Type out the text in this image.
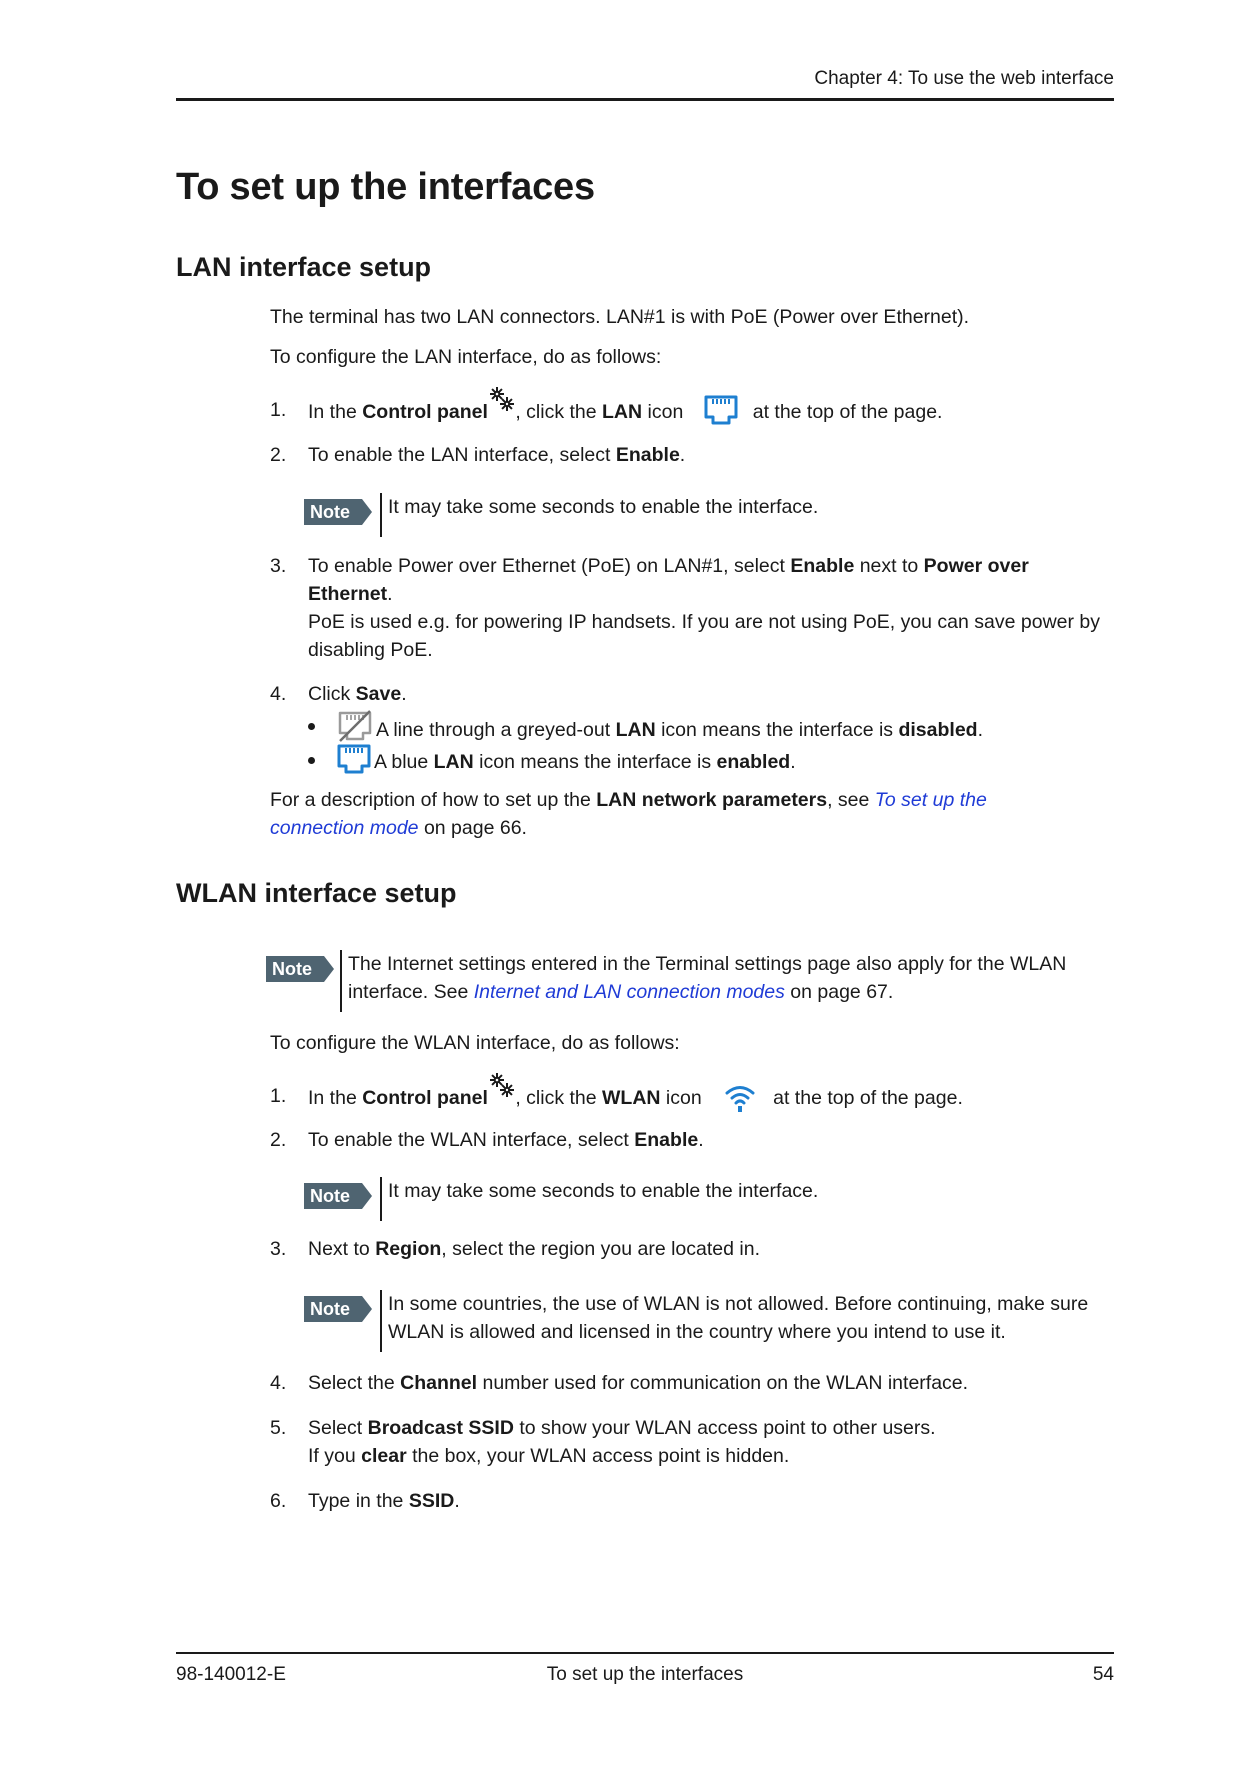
Chapter 4: To use the web interface
To set up the interfaces
LAN interface setup
The terminal has two LAN connectors. LAN#1 is with PoE (Power over Ethernet).
To configure the LAN interface, do as follows:
1. In the Control panel , click the LAN icon	at the top of the page.
2. To enable the LAN interface, select Enable.
Note	It may take some seconds to enable the interface.
3. To enable Power over Ethernet (PoE) on LAN#1, select Enable next to Power over
Ethernet.
PoE is used e.g. for powering IP handsets. If you are not using PoE, you can save power by disabling PoE.
4. Click Save.
A line through a greyed-out LAN icon means the interface is disabled.
A blue LAN icon means the interface is enabled.
For a description of how to set up the LAN network parameters, see To set up the connection mode on page 66.
WLAN interface setup
Note	The Internet settings entered in the Terminal settings page also apply for the WLAN interface. See Internet and LAN connection modes on page 67.
To configure the WLAN interface, do as follows:
1. In the Control panel , click the WLAN icon	at the top of the page.
2. To enable the WLAN interface, select Enable.
Note	It may take some seconds to enable the interface.
3. Next to Region, select the region you are located in.
Note	In some countries, the use of WLAN is not allowed. Before continuing, make sure WLAN is allowed and licensed in the country where you intend to use it.
4. Select the Channel number used for communication on the WLAN interface.
5. Select Broadcast SSID to show your WLAN access point to other users.
If you clear the box, your WLAN access point is hidden.
6. Type in the SSID.
98-140012-E	To set up the interfaces	54
